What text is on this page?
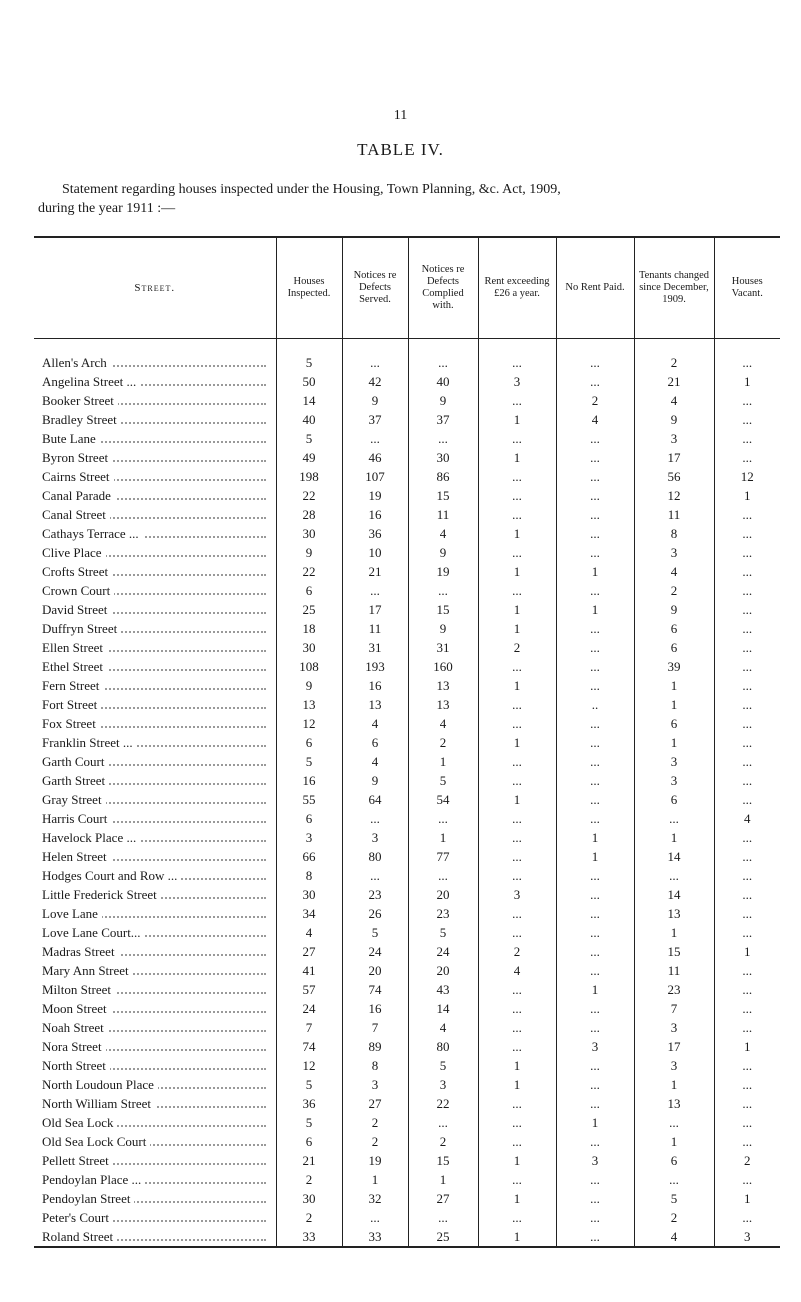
11
TABLE IV.
Statement regarding houses inspected under the Housing, Town Planning, &c. Act, 1909,
during the year 1911 :—
Street.	Houses Inspected.	Notices re Defects Served.	Notices re Defects Complied with.	Rent exceeding £26 a year.	No Rent Paid.	Tenants changed since December, 1909.	Houses Vacant.

Allen's Arch	5	...	...	...	...	2	...

Angelina Street ...	50	42	40	3	...	21	1

Booker Street	14	9	9	...	2	4	...

Bradley Street	40	37	37	1	4	9	...

Bute Lane	5	...	...	...	...	3	...

Byron Street	49	46	30	1	...	17	...

Cairns Street	198	107	86	...	...	56	12

Canal Parade	22	19	15	...	...	12	1

Canal Street	28	16	11	...	...	11	...

Cathays Terrace ...	30	36	4	1	...	8	...

Clive Place	9	10	9	...	...	3	...

Crofts Street	22	21	19	1	1	4	...

Crown Court	6	...	...	...	...	2	...

David Street	25	17	15	1	1	9	...

Duffryn Street	18	11	9	1	...	6	...

Ellen Street	30	31	31	2	...	6	...

Ethel Street	108	193	160	...	...	39	...

Fern Street	9	16	13	1	...	1	...

Fort Street	13	13	13	...	..	1	...

Fox Street	12	4	4	...	...	6	...

Franklin Street ...	6	6	2	1	...	1	...

Garth Court	5	4	1	...	...	3	...

Garth Street	16	9	5	...	...	3	...

Gray Street	55	64	54	1	...	6	...

Harris Court	6	...	...	...	...	...	4

Havelock Place ...	3	3	1	...	1	1	...

Helen Street	66	80	77	...	1	14	...

Hodges Court and Row ...	8	...	...	...	...	...	...

Little Frederick Street	30	23	20	3	...	14	...

Love Lane	34	26	23	...	...	13	...

Love Lane Court...	4	5	5	...	...	1	...

Madras Street	27	24	24	2	...	15	1

Mary Ann Street	41	20	20	4	...	11	...

Milton Street	57	74	43	...	1	23	...

Moon Street	24	16	14	...	...	7	...

Noah Street	7	7	4	...	...	3	...

Nora Street	74	89	80	...	3	17	1

North Street	12	8	5	1	...	3	...

North Loudoun Place	5	3	3	1	...	1	...

North William Street	36	27	22	...	...	13	...

Old Sea Lock	5	2	...	...	1	...	...

Old Sea Lock Court	6	2	2	...	...	1	...

Pellett Street	21	19	15	1	3	6	2

Pendoylan Place ...	2	1	1	...	...	...	...

Pendoylan Street	30	32	27	1	...	5	1

Peter's Court	2	...	...	...	...	2	...

Roland Street	33	33	25	1	...	4	3
